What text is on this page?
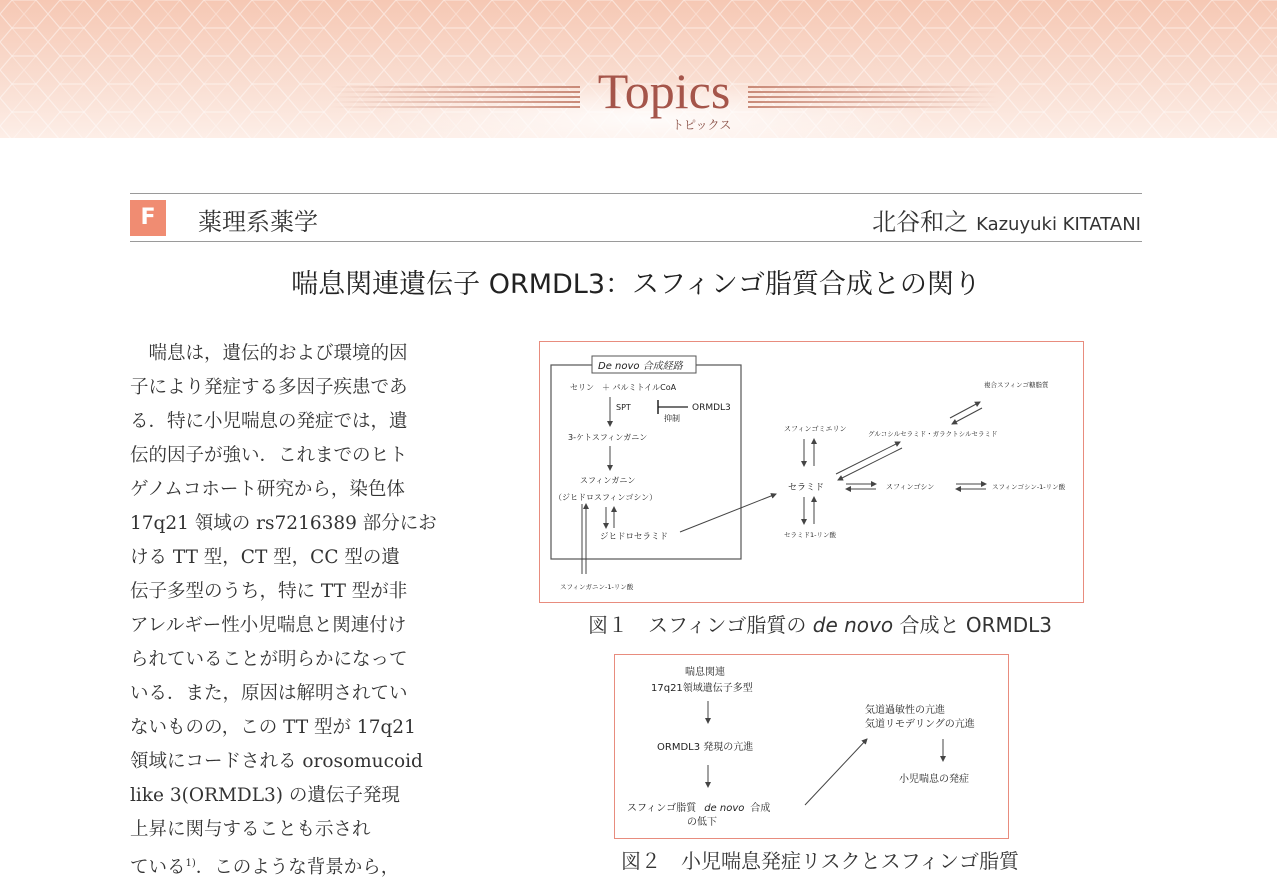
Topics
トピックス
F	薬理系薬学	北谷和之 Kazuyuki KITATANI
喘息関連遺伝子 ORMDL3：スフィンゴ脂質合成との関り
　喘息は，遺伝的および環境的因
子により発症する多因子疾患であ
る．特に小児喘息の発症では，遺
伝的因子が強い．これまでのヒト
ゲノムコホート研究から，染色体
17q21 領域の rs7216389 部分にお
ける TT 型，CT 型，CC 型の遺
伝子多型のうち，特に TT 型が非
アレルギー性小児喘息と関連付け
られていることが明らかになって
いる．また，原因は解明されてい
ないものの，この TT 型が 17q21
領域にコードされる orosomucoid
like 3(ORMDL3) の遺伝子発現
上昇に関与することも示され
ている$^{1)}$．このような背景から，
De novo 合成経路
セリン　＋ パルミトイルCoA
SPT	ORMDL3
抑制
3-ケトスフィンガニン
スフィンガニン
（ジヒドロスフィンゴシン）
ジヒドロセラミド
スフィンガニン-1-リン酸
セラミド
スフィンゴミエリン
セラミド1-リン酸
グルコシルセラミド・ガラクトシルセラミド
複合スフィンゴ糖脂質
スフィンゴシン	スフィンゴシン-1-リン酸
図１　スフィンゴ脂質の de novo 合成と ORMDL3
喘息関連
17q21領域遺伝子多型
ORMDL3 発現の亢進
スフィンゴ脂質 de novo 合成
の低下
気道過敏性の亢進
気道リモデリングの亢進
小児喘息の発症
図２　小児喘息発症リスクとスフィンゴ脂質
